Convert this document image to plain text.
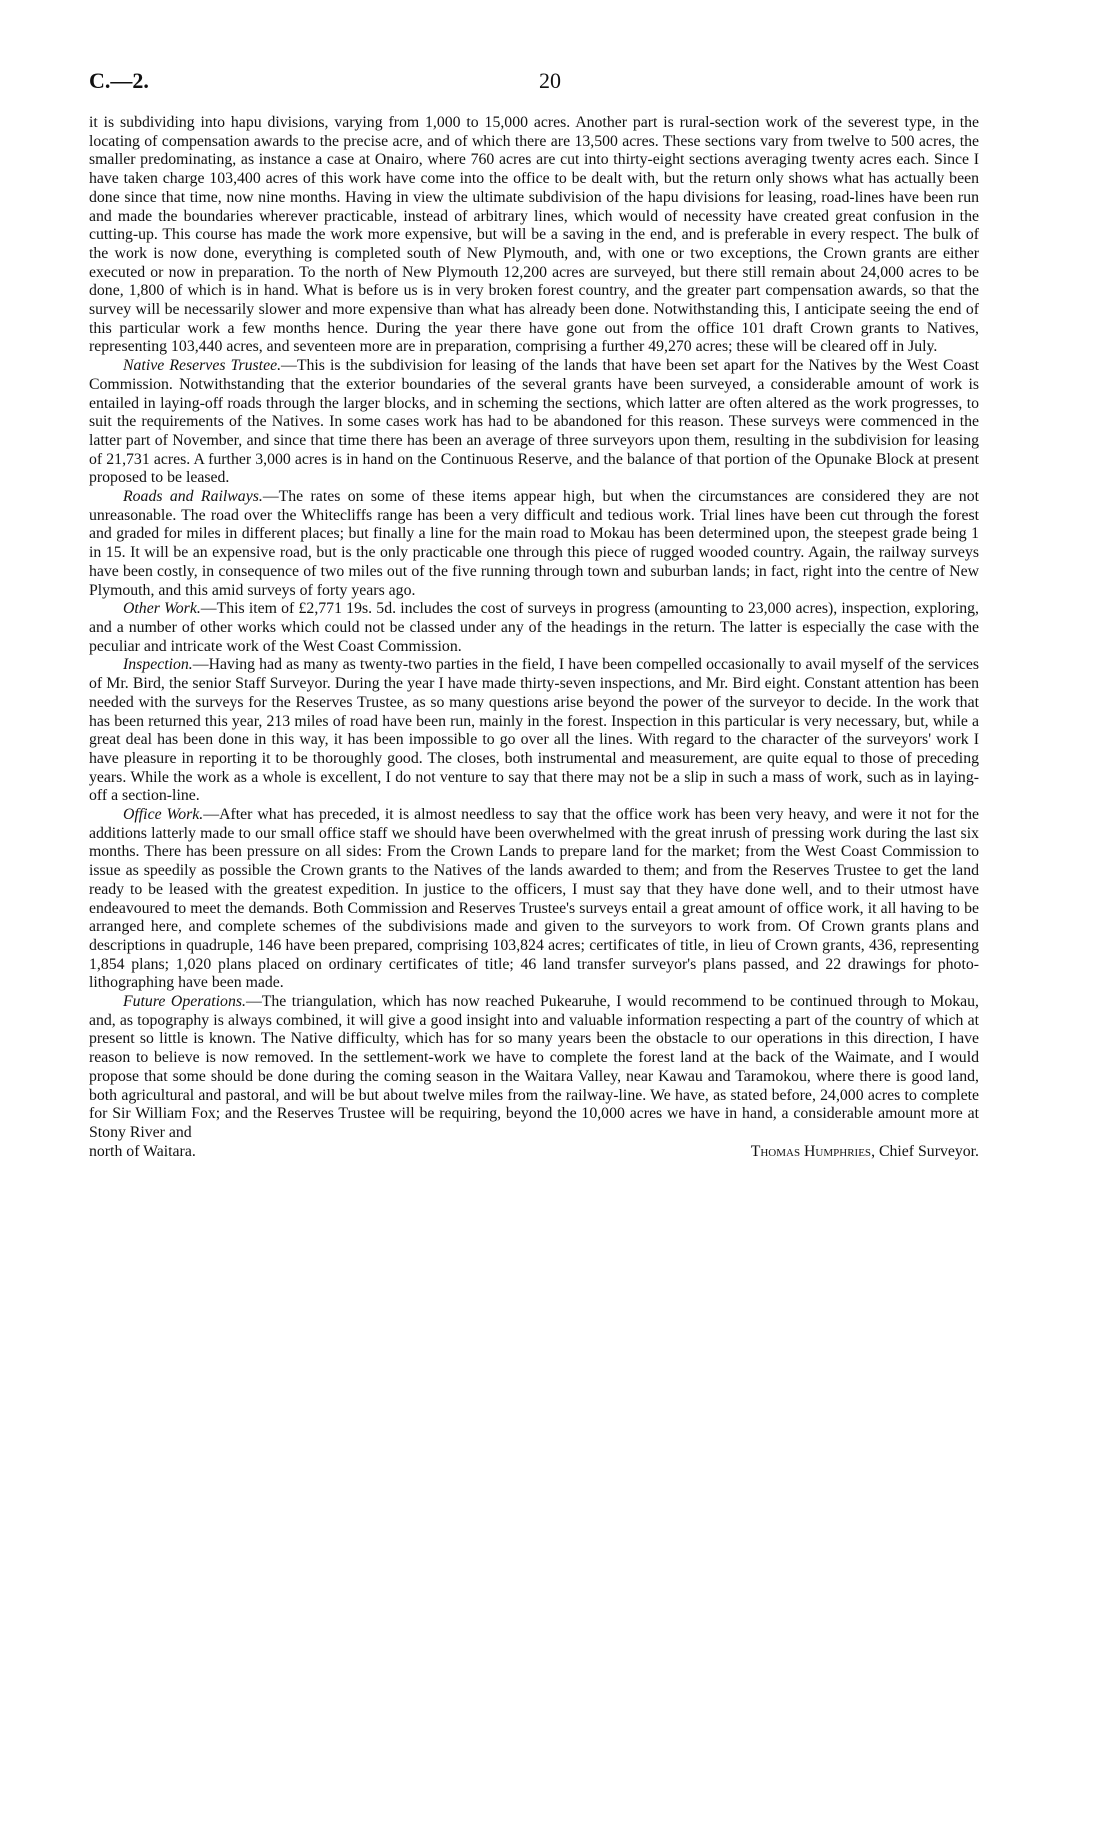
C.—2.	20

it is subdividing into hapu divisions, varying from 1,000 to 15,000 acres. Another part is rural-section work of the severest type, in the locating of compensation awards to the precise acre, and of which there are 13,500 acres. These sections vary from twelve to 500 acres, the smaller predominating, as instance a case at Onairo, where 760 acres are cut into thirty-eight sections averaging twenty acres each. Since I have taken charge 103,400 acres of this work have come into the office to be dealt with, but the return only shows what has actually been done since that time, now nine months. Having in view the ultimate subdivision of the hapu divisions for leasing, road-lines have been run and made the boundaries wherever practicable, instead of arbitrary lines, which would of necessity have created great confusion in the cutting-up. This course has made the work more expensive, but will be a saving in the end, and is preferable in every respect. The bulk of the work is now done, everything is completed south of New Plymouth, and, with one or two exceptions, the Crown grants are either executed or now in preparation. To the north of New Plymouth 12,200 acres are surveyed, but there still remain about 24,000 acres to be done, 1,800 of which is in hand. What is before us is in very broken forest country, and the greater part compensation awards, so that the survey will be necessarily slower and more expensive than what has already been done. Notwithstanding this, I anticipate seeing the end of this particular work a few months hence. During the year there have gone out from the office 101 draft Crown grants to Natives, representing 103,440 acres, and seventeen more are in preparation, comprising a further 49,270 acres; these will be cleared off in July.

Native Reserves Trustee.—This is the subdivision for leasing of the lands that have been set apart for the Natives by the West Coast Commission. Notwithstanding that the exterior boundaries of the several grants have been surveyed, a considerable amount of work is entailed in laying-off roads through the larger blocks, and in scheming the sections, which latter are often altered as the work progresses, to suit the requirements of the Natives. In some cases work has had to be abandoned for this reason. These surveys were commenced in the latter part of November, and since that time there has been an average of three surveyors upon them, resulting in the subdivision for leasing of 21,731 acres. A further 3,000 acres is in hand on the Continuous Reserve, and the balance of that portion of the Opunake Block at present proposed to be leased.

Roads and Railways.—The rates on some of these items appear high, but when the circumstances are considered they are not unreasonable. The road over the Whitecliffs range has been a very difficult and tedious work. Trial lines have been cut through the forest and graded for miles in different places; but finally a line for the main road to Mokau has been determined upon, the steepest grade being 1 in 15. It will be an expensive road, but is the only practicable one through this piece of rugged wooded country. Again, the railway surveys have been costly, in consequence of two miles out of the five running through town and suburban lands; in fact, right into the centre of New Plymouth, and this amid surveys of forty years ago.

Other Work.—This item of £2,771 19s. 5d. includes the cost of surveys in progress (amounting to 23,000 acres), inspection, exploring, and a number of other works which could not be classed under any of the headings in the return. The latter is especially the case with the peculiar and intricate work of the West Coast Commission.

Inspection.—Having had as many as twenty-two parties in the field, I have been compelled occasionally to avail myself of the services of Mr. Bird, the senior Staff Surveyor. During the year I have made thirty-seven inspections, and Mr. Bird eight. Constant attention has been needed with the surveys for the Reserves Trustee, as so many questions arise beyond the power of the surveyor to decide. In the work that has been returned this year, 213 miles of road have been run, mainly in the forest. Inspection in this particular is very necessary, but, while a great deal has been done in this way, it has been impossible to go over all the lines. With regard to the character of the surveyors' work I have pleasure in reporting it to be thoroughly good. The closes, both instrumental and measurement, are quite equal to those of preceding years. While the work as a whole is excellent, I do not venture to say that there may not be a slip in such a mass of work, such as in laying-off a section-line.

Office Work.—After what has preceded, it is almost needless to say that the office work has been very heavy, and were it not for the additions latterly made to our small office staff we should have been overwhelmed with the great inrush of pressing work during the last six months. There has been pressure on all sides: From the Crown Lands to prepare land for the market; from the West Coast Commission to issue as speedily as possible the Crown grants to the Natives of the lands awarded to them; and from the Reserves Trustee to get the land ready to be leased with the greatest expedition. In justice to the officers, I must say that they have done well, and to their utmost have endeavoured to meet the demands. Both Commission and Reserves Trustee's surveys entail a great amount of office work, it all having to be arranged here, and complete schemes of the subdivisions made and given to the surveyors to work from. Of Crown grants plans and descriptions in quadruple, 146 have been prepared, comprising 103,824 acres; certificates of title, in lieu of Crown grants, 436, representing 1,854 plans; 1,020 plans placed on ordinary certificates of title; 46 land transfer surveyor's plans passed, and 22 drawings for photo-lithographing have been made.

Future Operations.—The triangulation, which has now reached Pukearuhe, I would recommend to be continued through to Mokau, and, as topography is always combined, it will give a good insight into and valuable information respecting a part of the country of which at present so little is known. The Native difficulty, which has for so many years been the obstacle to our operations in this direction, I have reason to believe is now removed. In the settlement-work we have to complete the forest land at the back of the Waimate, and I would propose that some should be done during the coming season in the Waitara Valley, near Kawau and Taramokou, where there is good land, both agricultural and pastoral, and will be but about twelve miles from the railway-line. We have, as stated before, 24,000 acres to complete for Sir William Fox; and the Reserves Trustee will be requiring, beyond the 10,000 acres we have in hand, a considerable amount more at Stony River and

north of Waitara.	Thomas Humphries, Chief Surveyor.
